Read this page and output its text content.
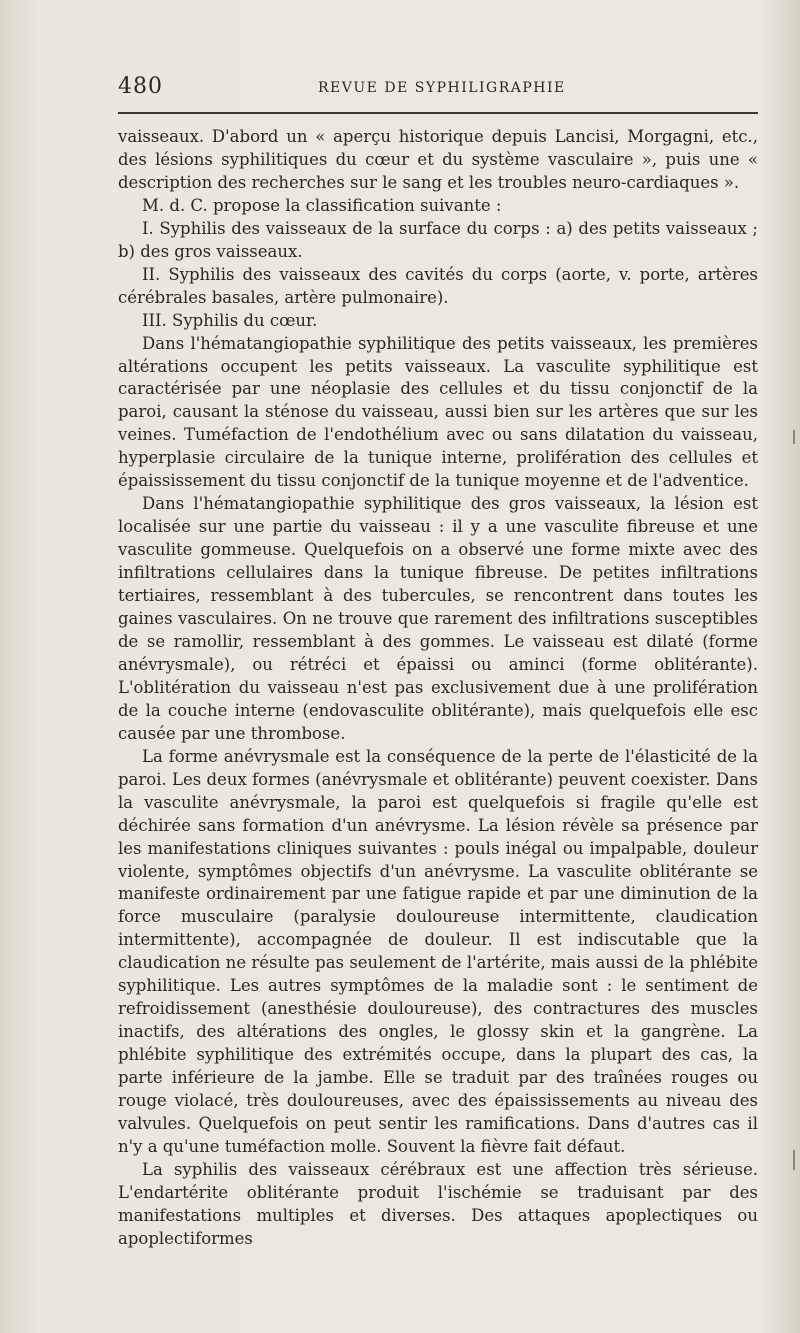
480	REVUE DE SYPHILIGRAPHIE

vaisseaux. D'abord un « aperçu historique depuis Lancisi, Morgagni, etc., des lésions syphilitiques du cœur et du système vasculaire », puis une « description des recherches sur le sang et les troubles neuro-cardiaques ».

M. d. C. propose la classification suivante :

I. Syphilis des vaisseaux de la surface du corps : a) des petits vaisseaux ; b) des gros vaisseaux.

II. Syphilis des vaisseaux des cavités du corps (aorte, v. porte, artères cérébrales basales, artère pulmonaire).

III. Syphilis du cœur.

Dans l'hématangiopathie syphilitique des petits vaisseaux, les premières altérations occupent les petits vaisseaux. La vasculite syphilitique est caractérisée par une néoplasie des cellules et du tissu conjonctif de la paroi, causant la sténose du vaisseau, aussi bien sur les artères que sur les veines. Tuméfaction de l'endothélium avec ou sans dilatation du vaisseau, hyperplasie circulaire de la tunique interne, prolifération des cellules et épaississement du tissu conjonctif de la tunique moyenne et de l'adventice.

Dans l'hématangiopathie syphilitique des gros vaisseaux, la lésion est localisée sur une partie du vaisseau : il y a une vasculite fibreuse et une vasculite gommeuse. Quelquefois on a observé une forme mixte avec des infiltrations cellulaires dans la tunique fibreuse. De petites infiltrations tertiaires, ressemblant à des tubercules, se rencontrent dans toutes les gaines vasculaires. On ne trouve que rarement des infiltrations susceptibles de se ramollir, ressemblant à des gommes. Le vaisseau est dilaté (forme anévrysmale), ou rétréci et épaissi ou aminci (forme oblitérante). L'oblitération du vaisseau n'est pas exclusivement due à une prolifération de la couche interne (endovasculite oblitérante), mais quelquefois elle esc causée par une thrombose.

La forme anévrysmale est la conséquence de la perte de l'élasticité de la paroi. Les deux formes (anévrysmale et oblitérante) peuvent coexister. Dans la vasculite anévrysmale, la paroi est quelquefois si fragile qu'elle est déchirée sans formation d'un anévrysme. La lésion révèle sa présence par les manifestations cliniques suivantes : pouls inégal ou impalpable, douleur violente, symptômes objectifs d'un anévrysme. La vasculite oblitérante se manifeste ordinairement par une fatigue rapide et par une diminution de la force musculaire (paralysie douloureuse intermittente, claudication intermittente), accompagnée de douleur. Il est indiscutable que la claudication ne résulte pas seulement de l'artérite, mais aussi de la phlébite syphilitique. Les autres symptômes de la maladie sont : le sentiment de refroidissement (anesthésie douloureuse), des contractures des muscles inactifs, des altérations des ongles, le glossy skin et la gangrène. La phlébite syphilitique des extrémités occupe, dans la plupart des cas, la parte inférieure de la jambe. Elle se traduit par des traînées rouges ou rouge violacé, très douloureuses, avec des épaississements au niveau des valvules. Quelquefois on peut sentir les ramifications. Dans d'autres cas il n'y a qu'une tuméfaction molle. Souvent la fièvre fait défaut.

La syphilis des vaisseaux cérébraux est une affection très sérieuse. L'endartérite oblitérante produit l'ischémie se traduisant par des manifestations multiples et diverses. Des attaques apoplectiques ou apoplectiformes
